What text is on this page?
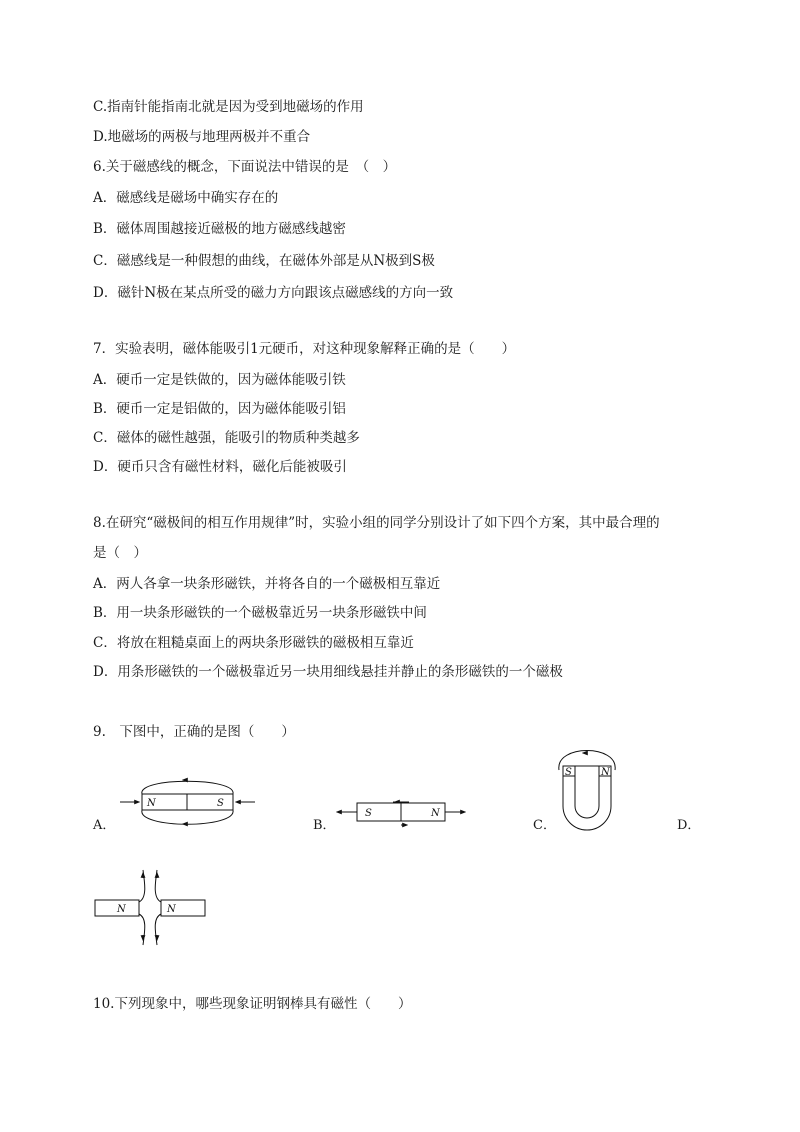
C.指南针能指南北就是因为受到地磁场的作用
D.地磁场的两极与地理两极并不重合
6.关于磁感线的概念，下面说法中错误的是　（　）
A．磁感线是磁场中确实存在的
B．磁体周围越接近磁极的地方磁感线越密
C．磁感线是一种假想的曲线，在磁体外部是从N极到S极
D．磁针N极在某点所受的磁力方向跟该点磁感线的方向一致
7．实验表明，磁体能吸引1元硬币，对这种现象解释正确的是（　　）
A．硬币一定是铁做的，因为磁体能吸引铁
B．硬币一定是铝做的，因为磁体能吸引铝
C．磁体的磁性越强，能吸引的物质种类越多
D．硬币只含有磁性材料，磁化后能被吸引
8.在研究“磁极间的相互作用规律”时，实验小组的同学分别设计了如下四个方案，其中最合理的
是（　）
A．两人各拿一块条形磁铁，并将各自的一个磁极相互靠近
B．用一块条形磁铁的一个磁极靠近另一块条形磁铁中间
C．将放在粗糙桌面上的两块条形磁铁的磁极相互靠近
D．用条形磁铁的一个磁极靠近另一块用细线悬挂并静止的条形磁铁的一个磁极
9.　下图中，正确的是图（　　）
A．	B．	C．	D．
N	S
S	N
S	N
N	N
10.下列现象中，哪些现象证明钢棒具有磁性（　　）
